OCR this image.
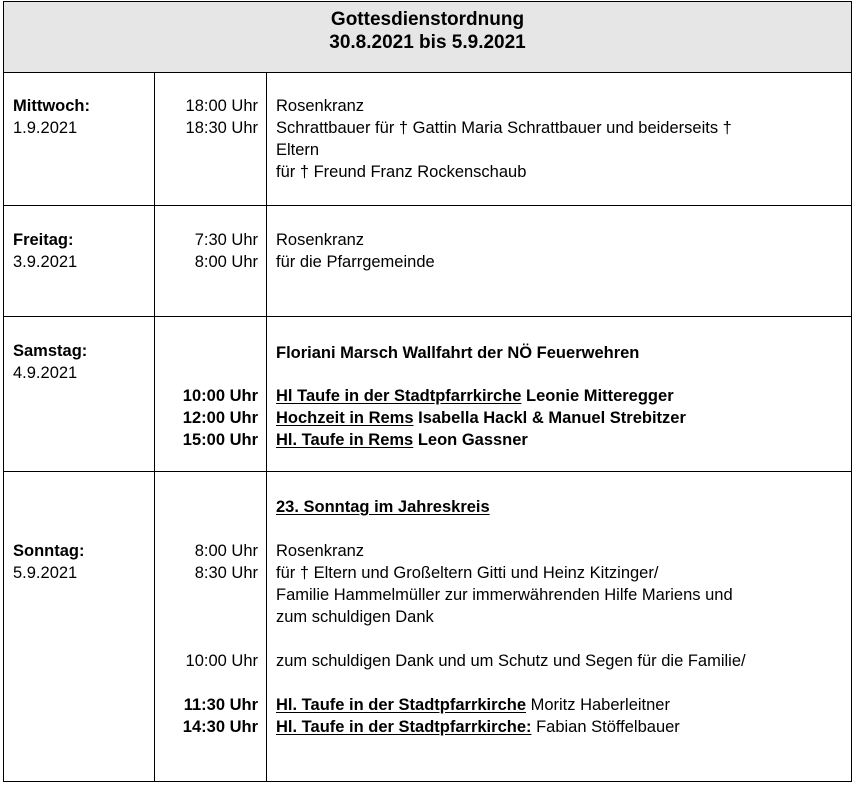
Gottesdienstordnung
30.8.2021 bis 5.9.2021
Mittwoch:
1.9.2021
18:00 Uhr
18:30 Uhr
Rosenkranz
Schrattbauer für † Gattin Maria Schrattbauer und beiderseits †
Eltern
für † Freund Franz Rockenschaub
Freitag:
3.9.2021
7:30 Uhr
8:00 Uhr
Rosenkranz
für die Pfarrgemeinde
Samstag:
4.9.2021
Floriani Marsch Wallfahrt der NÖ Feuerwehren
10:00 Uhr
12:00 Uhr
15:00 Uhr
Hl Taufe in der Stadtpfarrkirche Leonie Mitteregger
Hochzeit in Rems Isabella Hackl & Manuel Strebitzer
Hl. Taufe in Rems Leon Gassner
23. Sonntag im Jahreskreis
Sonntag:
5.9.2021
8:00 Uhr
8:30 Uhr
Rosenkranz
für † Eltern und Großeltern Gitti und Heinz Kitzinger/
Familie Hammelmüller zur immerwährenden Hilfe Mariens und
zum schuldigen Dank
10:00 Uhr zum schuldigen Dank und um Schutz und Segen für die Familie/
11:30 Uhr
14:30 Uhr
Hl. Taufe in der Stadtpfarrkirche Moritz Haberleitner
Hl. Taufe in der Stadtpfarrkirche: Fabian Stöffelbauer
